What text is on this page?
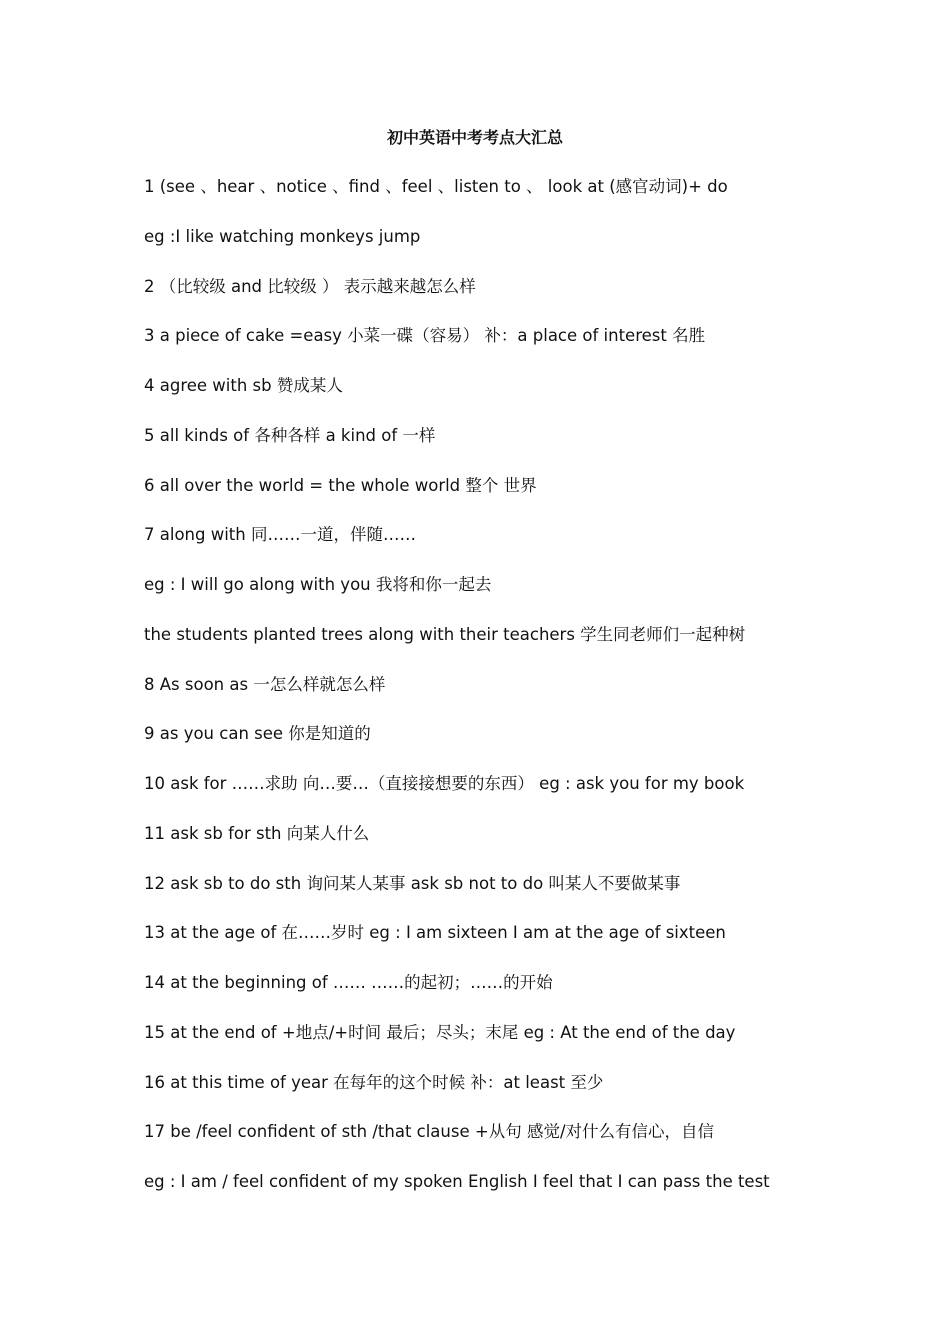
初中英语中考考点大汇总
1 (see 、hear 、notice 、find 、feel 、listen to 、 look at (感官动词)+ do
eg :I like watching monkeys jump
2 （比较级 and 比较级 ） 表示越来越怎么样
3 a piece of cake =easy 小菜一碟（容易） 补：a place of interest 名胜
4 agree with sb 赞成某人
5 all kinds of 各种各样 a kind of 一样
6 all over the world = the whole world 整个 世界
7 along with 同……一道，伴随……
eg : I will go along with you 我将和你一起去
the students planted trees along with their teachers 学生同老师们一起种树
8 As soon as 一怎么样就怎么样
9 as you can see 你是知道的
10 ask for ……求助 向…要…（直接接想要的东西） eg : ask you for my book
11 ask sb for sth 向某人什么
12 ask sb to do sth 询问某人某事 ask sb not to do 叫某人不要做某事
13 at the age of 在……岁时 eg : I am sixteen I am at the age of sixteen
14 at the beginning of …… ……的起初；……的开始
15 at the end of +地点/+时间 最后；尽头；末尾 eg : At the end of the day
16 at this time of year 在每年的这个时候 补：at least 至少
17 be /feel confident of sth /that clause +从句 感觉/对什么有信心，自信
eg : I am / feel confident of my spoken English I feel that I can pass the test
